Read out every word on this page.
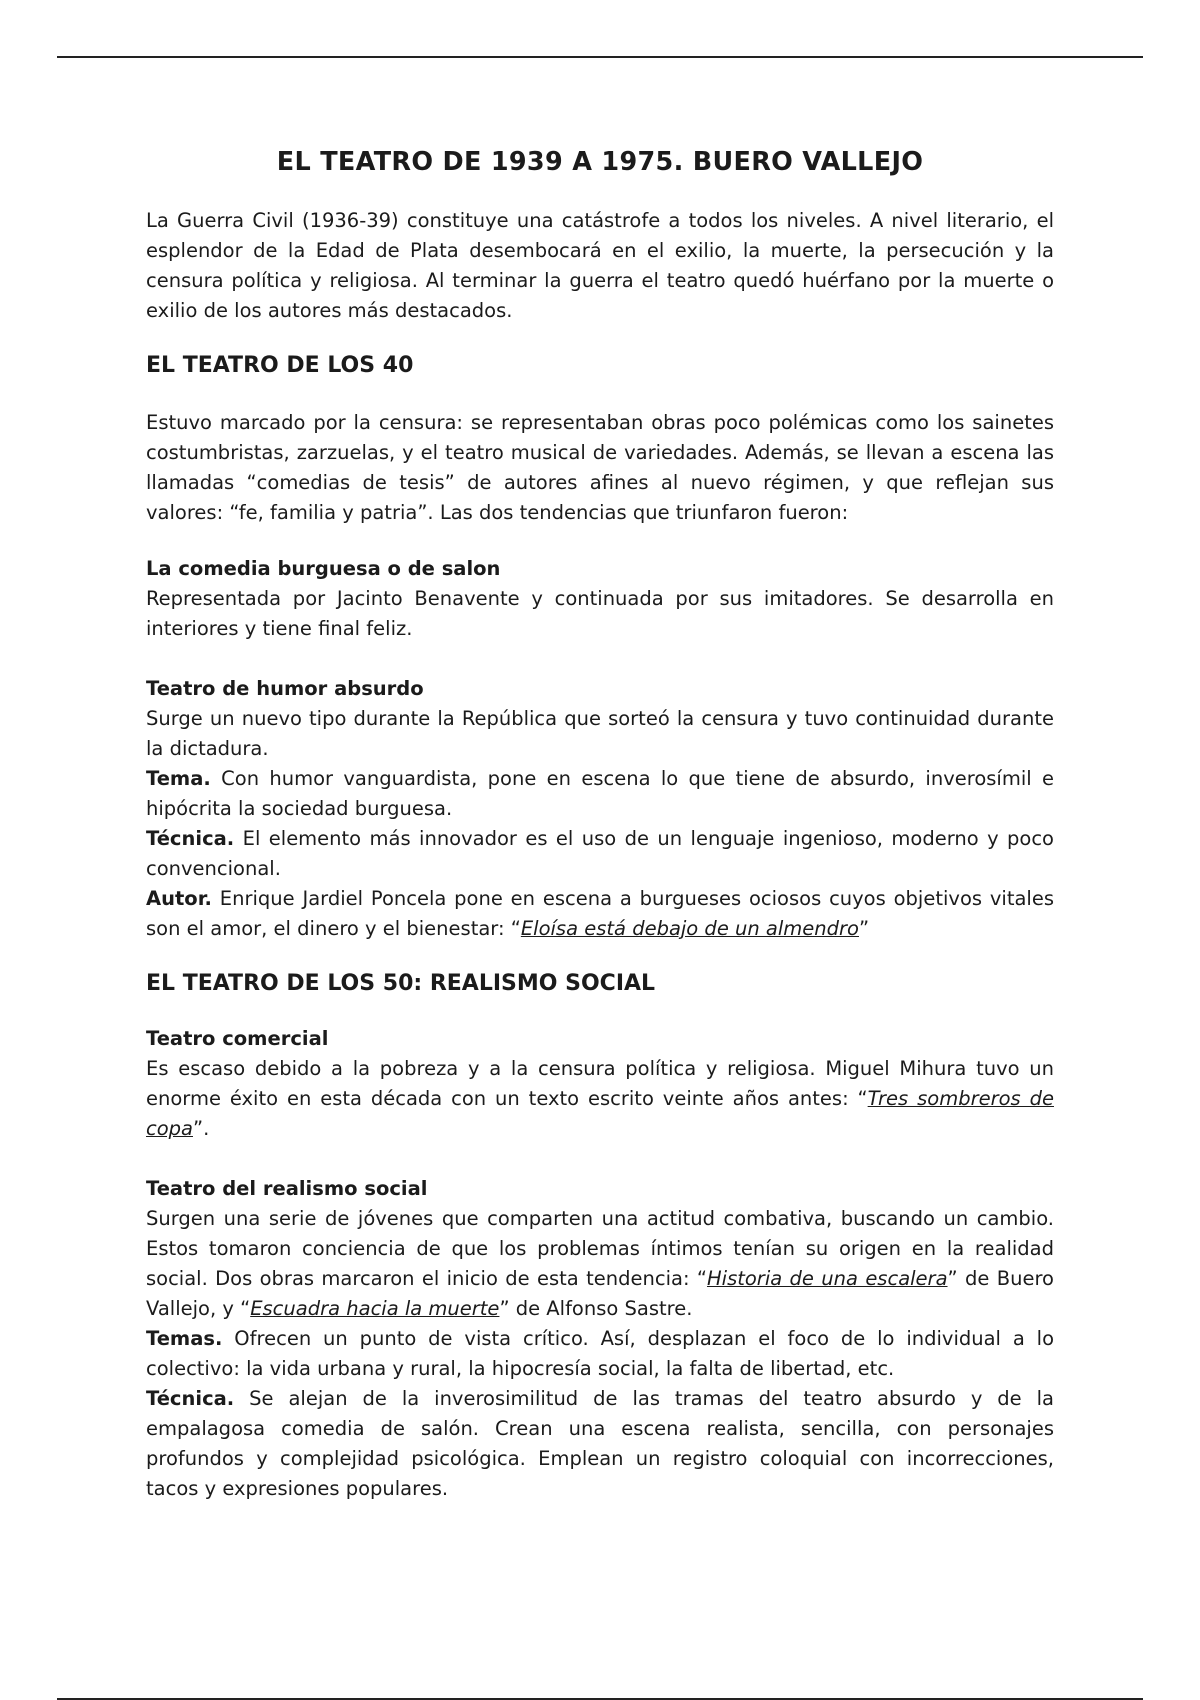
EL TEATRO DE 1939 A 1975. BUERO VALLEJO

La Guerra Civil (1936-39) constituye una catástrofe a todos los niveles. A nivel literario, el esplendor de la Edad de Plata desembocará en el exilio, la muerte, la persecución y la censura política y religiosa. Al terminar la guerra el teatro quedó huérfano por la muerte o exilio de los autores más destacados.

EL TEATRO DE LOS 40

Estuvo marcado por la censura: se representaban obras poco polémicas como los sainetes costumbristas, zarzuelas, y el teatro musical de variedades. Además, se llevan a escena las llamadas “comedias de tesis” de autores afines al nuevo régimen, y que reflejan sus valores: “fe, familia y patria”. Las dos tendencias que triunfaron fueron:

La comedia burguesa o de salon

Representada por Jacinto Benavente y continuada por sus imitadores. Se desarrolla en interiores y tiene final feliz.

Teatro de humor absurdo

Surge un nuevo tipo durante la República que sorteó la censura y tuvo continuidad durante la dictadura.

Tema. Con humor vanguardista, pone en escena lo que tiene de absurdo, inverosímil e hipócrita la sociedad burguesa.

Técnica. El elemento más innovador es el uso de un lenguaje ingenioso, moderno y poco convencional.

Autor. Enrique Jardiel Poncela pone en escena a burgueses ociosos cuyos objetivos vitales son el amor, el dinero y el bienestar: “Eloísa está debajo de un almendro”

EL TEATRO DE LOS 50: REALISMO SOCIAL
Teatro comercial

Es escaso debido a la pobreza y a la censura política y religiosa. Miguel Mihura tuvo un enorme éxito en esta década con un texto escrito veinte años antes: “Tres sombreros de copa”.

Teatro del realismo social

Surgen una serie de jóvenes que comparten una actitud combativa, buscando un cambio. Estos tomaron conciencia de que los problemas íntimos tenían su origen en la realidad social. Dos obras marcaron el inicio de esta tendencia: “Historia de una escalera” de Buero Vallejo, y “Escuadra hacia la muerte” de Alfonso Sastre.

Temas. Ofrecen un punto de vista crítico. Así, desplazan el foco de lo individual a lo colectivo: la vida urbana y rural, la hipocresía social, la falta de libertad, etc.

Técnica. Se alejan de la inverosimilitud de las tramas del teatro absurdo y de la empalagosa comedia de salón. Crean una escena realista, sencilla, con personajes profundos y complejidad psicológica. Emplean un registro coloquial con incorrecciones, tacos y expresiones populares.
